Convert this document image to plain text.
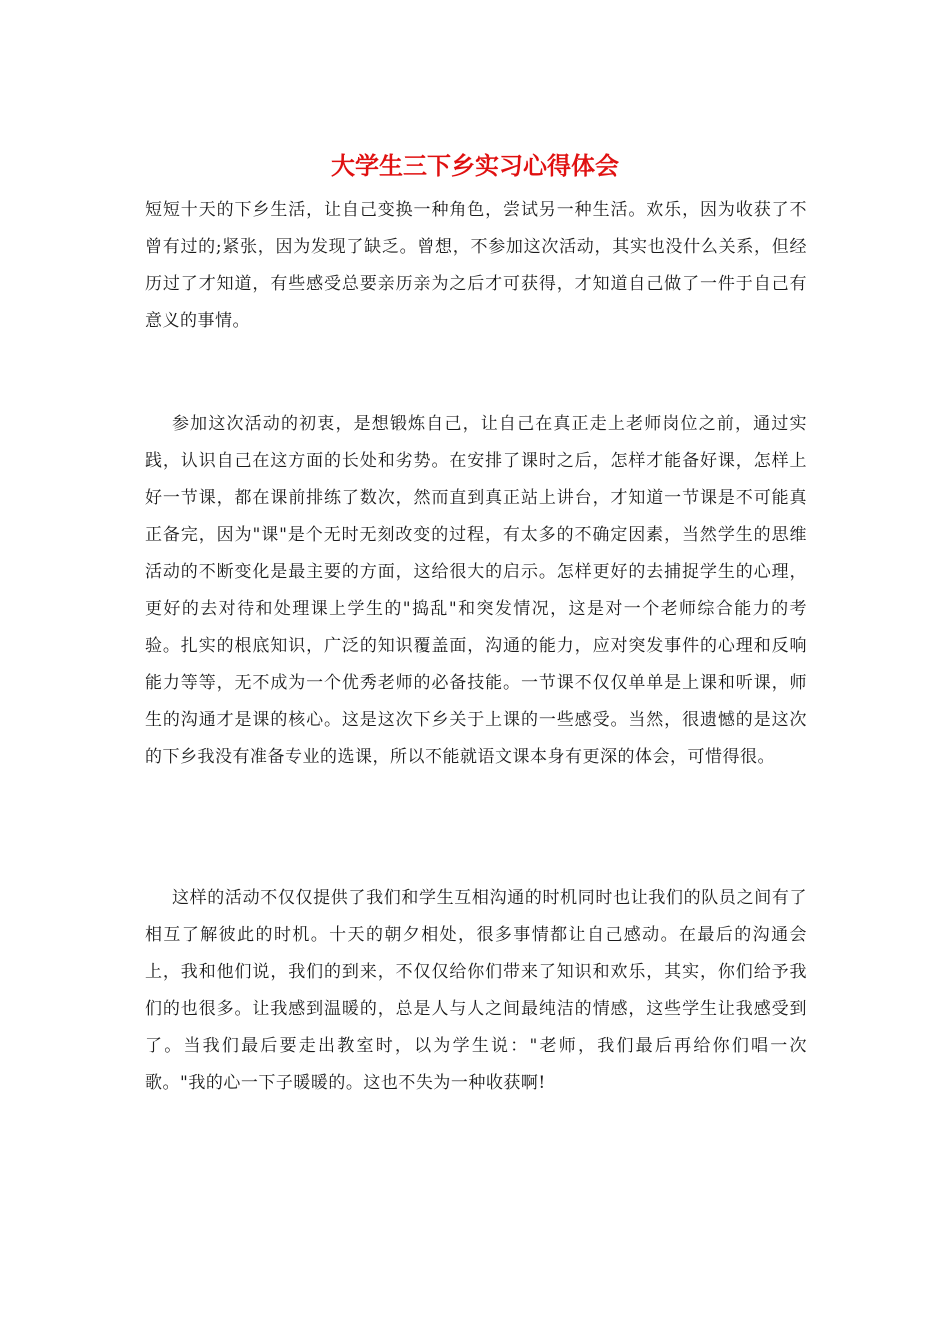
大学生三下乡实习心得体会

短短十天的下乡生活，让自己变换一种角色，尝试另一种生活。欢乐，因为收获了不曾有过的;紧张，因为发现了缺乏。曾想，不参加这次活动，其实也没什么关系，但经历过了才知道，有些感受总要亲历亲为之后才可获得，才知道自己做了一件于自己有意义的事情。

参加这次活动的初衷，是想锻炼自己，让自己在真正走上老师岗位之前，通过实践，认识自己在这方面的长处和劣势。在安排了课时之后，怎样才能备好课，怎样上好一节课，都在课前排练了数次，然而直到真正站上讲台，才知道一节课是不可能真正备完，因为"课"是个无时无刻改变的过程，有太多的不确定因素，当然学生的思维活动的不断变化是最主要的方面，这给很大的启示。怎样更好的去捕捉学生的心理，更好的去对待和处理课上学生的"捣乱"和突发情况，这是对一个老师综合能力的考验。扎实的根底知识，广泛的知识覆盖面，沟通的能力，应对突发事件的心理和反响能力等等，无不成为一个优秀老师的必备技能。一节课不仅仅单单是上课和听课，师生的沟通才是课的核心。这是这次下乡关于上课的一些感受。当然，很遗憾的是这次的下乡我没有准备专业的选课，所以不能就语文课本身有更深的体会，可惜得很。

这样的活动不仅仅提供了我们和学生互相沟通的时机同时也让我们的队员之间有了相互了解彼此的时机。十天的朝夕相处，很多事情都让自己感动。在最后的沟通会上，我和他们说，我们的到来，不仅仅给你们带来了知识和欢乐，其实，你们给予我们的也很多。让我感到温暖的，总是人与人之间最纯洁的情感，这些学生让我感受到了。当我们最后要走出教室时，以为学生说："老师，我们最后再给你们唱一次歌。"我的心一下子暖暖的。这也不失为一种收获啊!
